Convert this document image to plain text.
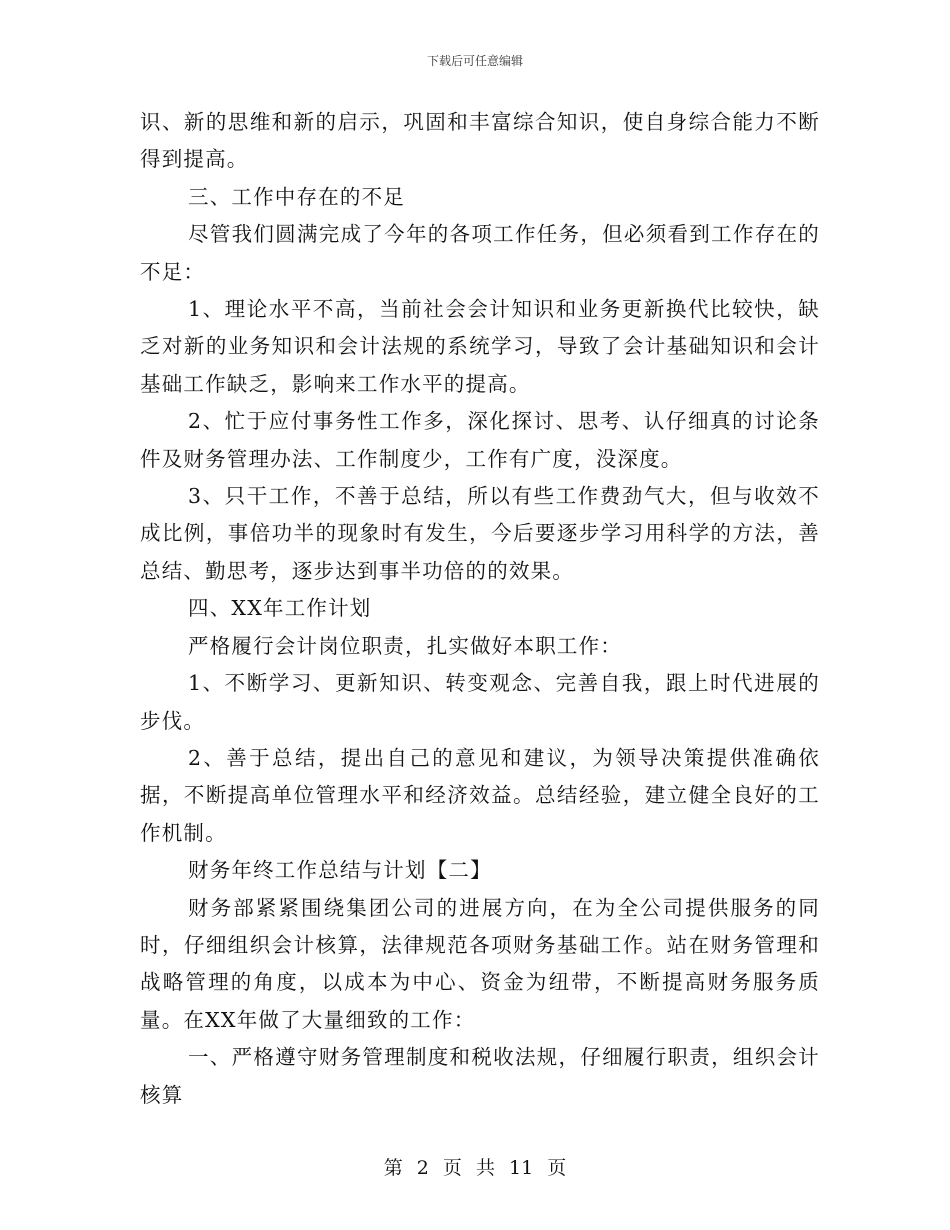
下载后可任意编辑

识、新的思维和新的启示，巩固和丰富综合知识，使自身综合能力不断得到提高。

三、工作中存在的不足

尽管我们圆满完成了今年的各项工作任务，但必须看到工作存在的不足：

1、理论水平不高，当前社会会计知识和业务更新换代比较快，缺乏对新的业务知识和会计法规的系统学习，导致了会计基础知识和会计基础工作缺乏，影响来工作水平的提高。

2、忙于应付事务性工作多，深化探讨、思考、认仔细真的讨论条件及财务管理办法、工作制度少，工作有广度，没深度。

3、只干工作，不善于总结，所以有些工作费劲气大，但与收效不成比例，事倍功半的现象时有发生，今后要逐步学习用科学的方法，善总结、勤思考，逐步达到事半功倍的的效果。

四、XX年工作计划

严格履行会计岗位职责，扎实做好本职工作：

1、不断学习、更新知识、转变观念、完善自我，跟上时代进展的步伐。

2、善于总结，提出自己的意见和建议，为领导决策提供准确依据，不断提高单位管理水平和经济效益。总结经验，建立健全良好的工作机制。

财务年终工作总结与计划【二】

财务部紧紧围绕集团公司的进展方向，在为全公司提供服务的同时，仔细组织会计核算，法律规范各项财务基础工作。站在财务管理和战略管理的角度，以成本为中心、资金为纽带，不断提高财务服务质量。在XX年做了大量细致的工作：

一、严格遵守财务管理制度和税收法规，仔细履行职责，组织会计核算

第 2 页 共 11 页
